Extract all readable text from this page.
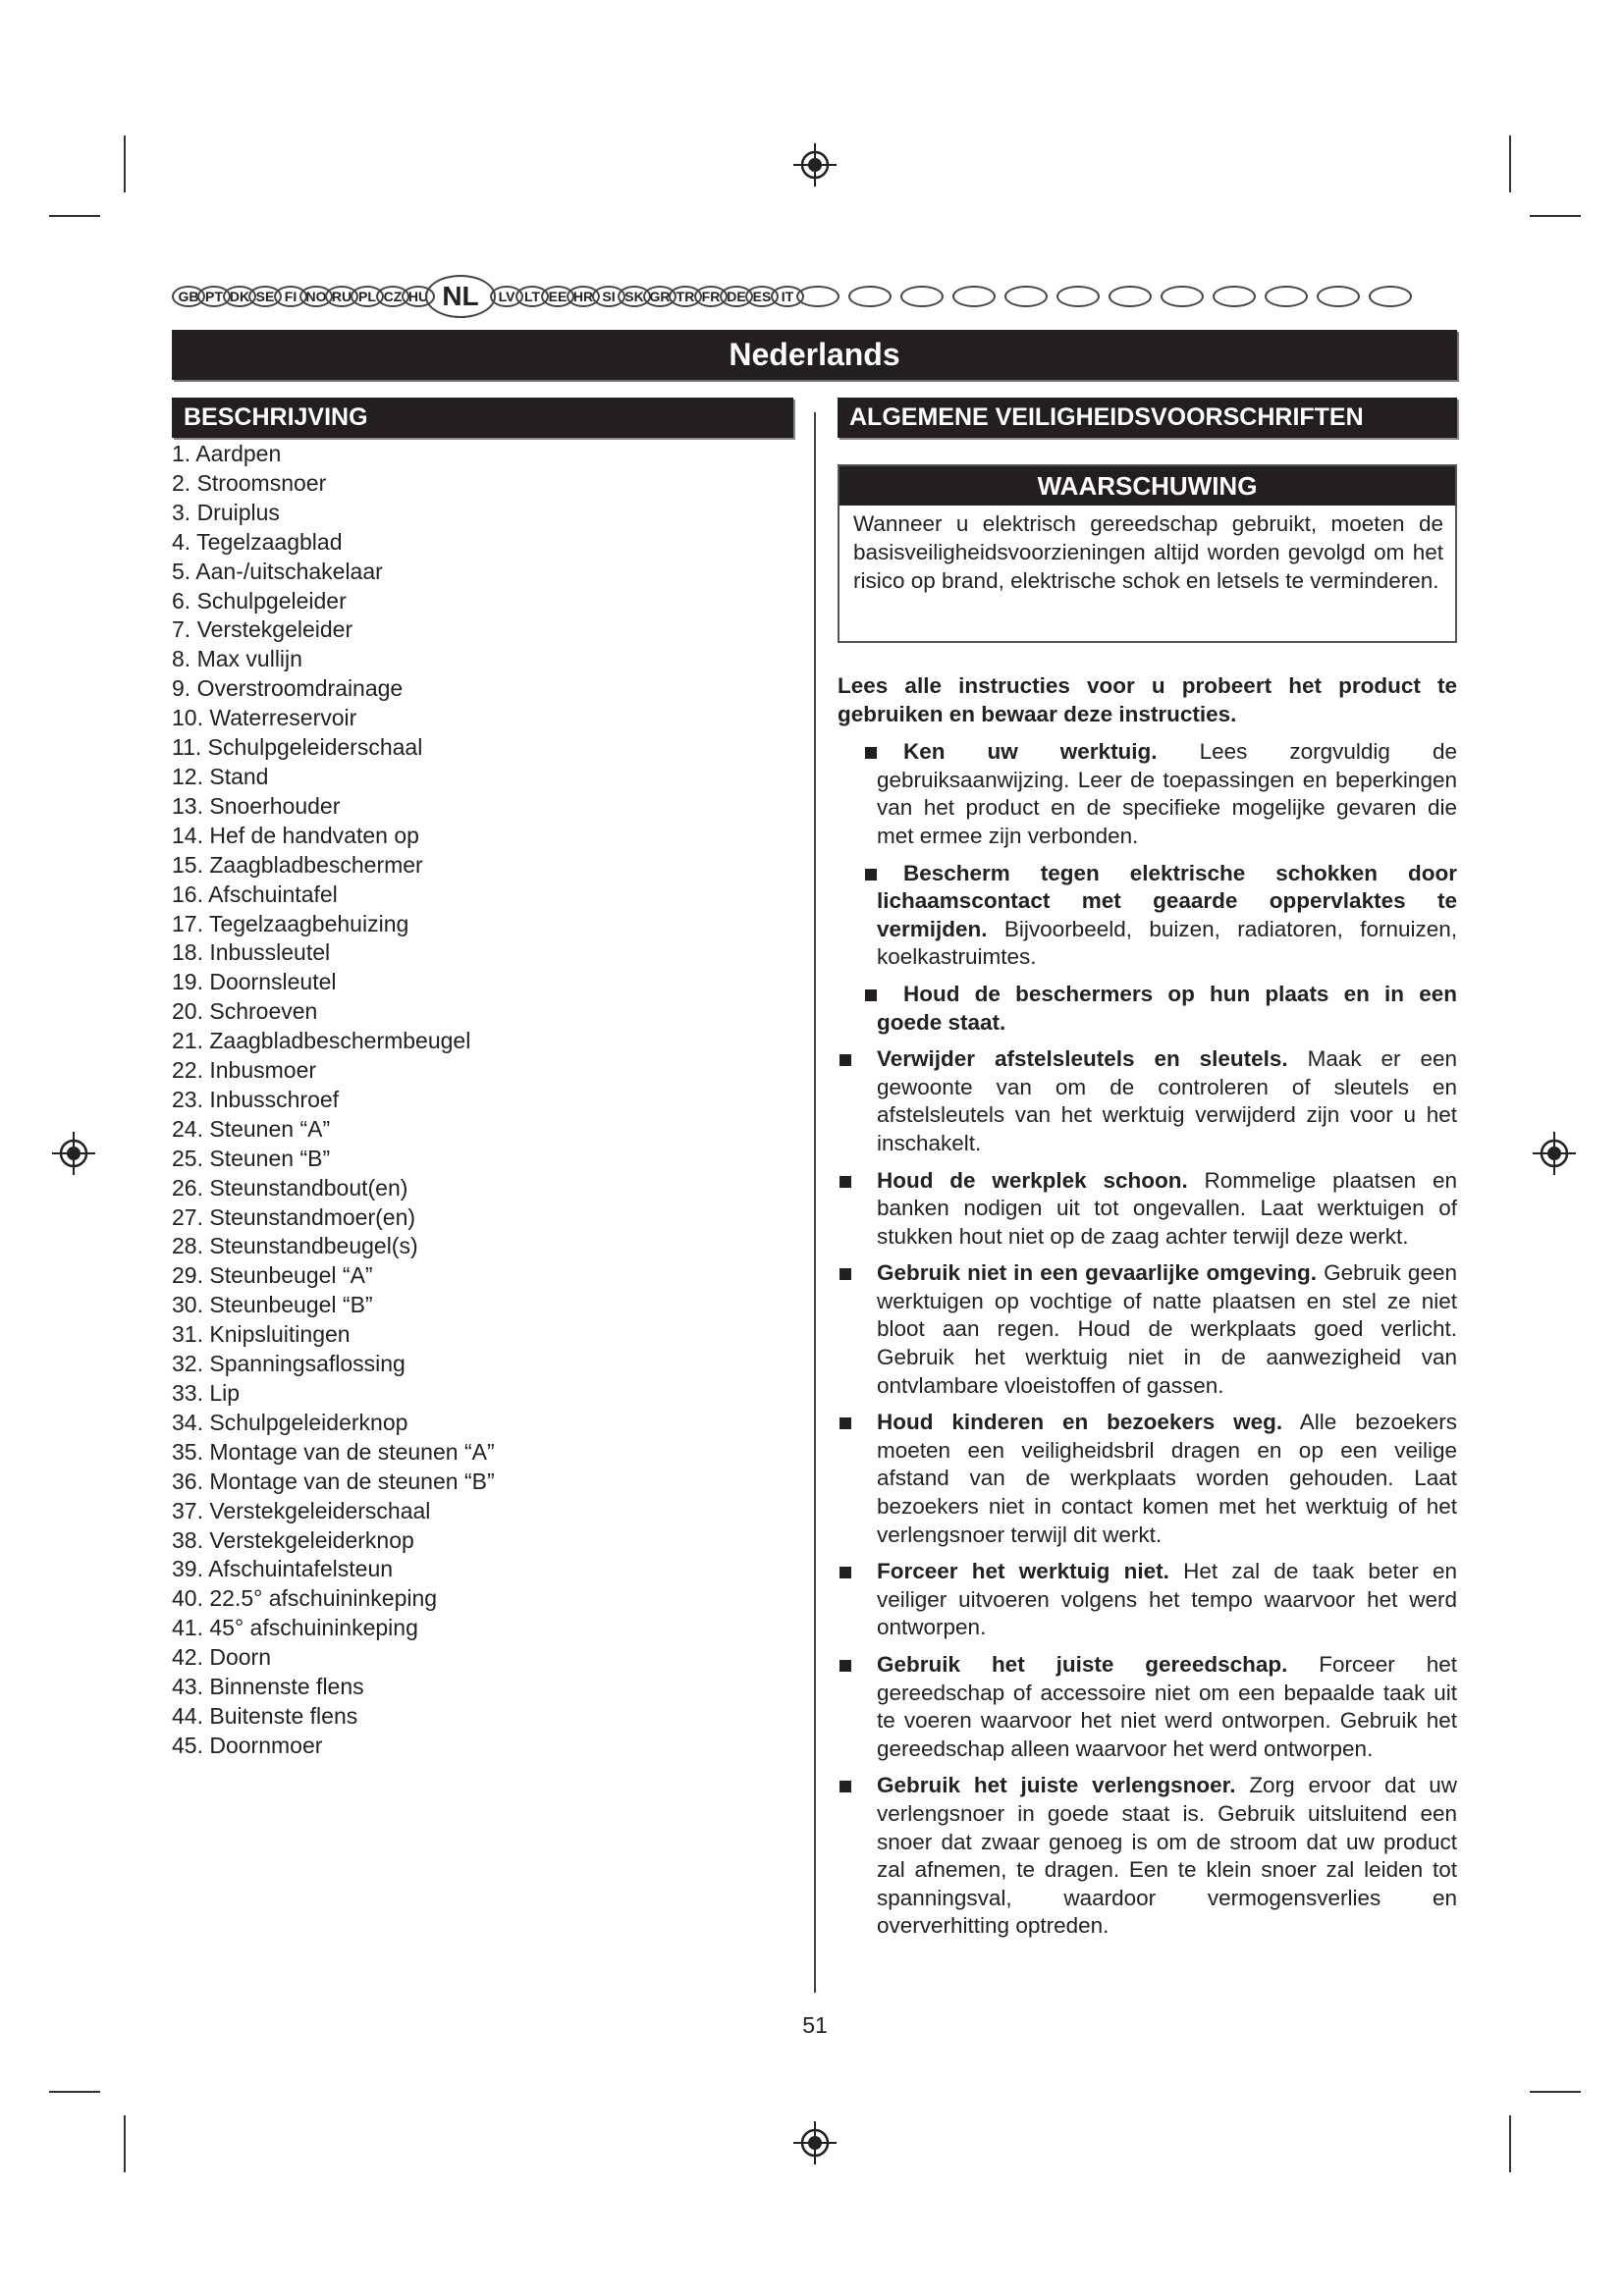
GB PT DK SE FI NO RU PL CZ HU NL	LV LT EE HR SI SK GR TR FR DE ES IT
Nederlands
BESCHRIJVING
1. Aardpen
2. Stroomsnoer
3. Druiplus
4. Tegelzaagblad
5. Aan-/uitschakelaar
6. Schulpgeleider
7. Verstekgeleider
8. Max vullijn
9. Overstroomdrainage
10. Waterreservoir
11. Schulpgeleiderschaal
12. Stand
13. Snoerhouder
14. Hef de handvaten op
15. Zaagbladbeschermer
16. Afschuintafel
17. Tegelzaagbehuizing
18. Inbussleutel
19. Doornsleutel
20. Schroeven
21. Zaagbladbeschermbeugel
22. Inbusmoer
23. Inbusschroef
24. Steunen “A”
25. Steunen “B”
26. Steunstandbout(en)
27. Steunstandmoer(en)
28. Steunstandbeugel(s)
29. Steunbeugel “A”
30. Steunbeugel “B”
31. Knipsluitingen
32. Spanningsaflossing
33. Lip
34. Schulpgeleiderknop
35. Montage van de steunen “A”
36. Montage van de steunen “B”
37. Verstekgeleiderschaal
38. Verstekgeleiderknop
39. Afschuintafelsteun
40. 22.5° afschuininkeping
41. 45° afschuininkeping
42. Doorn
43. Binnenste flens
44. Buitenste flens
45. Doornmoer
ALGEMENE VEILIGHEIDSVOORSCHRIFTEN
WAARSCHUWING
Wanneer u elektrisch gereedschap gebruikt, moeten de basisveiligheidsvoorzieningen altijd worden gevolgd om het risico op brand, elektrische schok en letsels te verminderen.
Lees alle instructies voor u probeert het product te gebruiken en bewaar deze instructies.
Ken uw werktuig. Lees zorgvuldig de gebruiksaanwijzing. Leer de toepassingen en beperkingen van het product en de specifieke mogelijke gevaren die met ermee zijn verbonden.
Bescherm tegen elektrische schokken door lichaamscontact met geaarde oppervlaktes te vermijden. Bijvoorbeeld, buizen, radiatoren, fornuizen, koelkastruimtes.
Houd de beschermers op hun plaats en in een goede staat.
Verwijder afstelsleutels en sleutels. Maak er een gewoonte van om de controleren of sleutels en afstelsleutels van het werktuig verwijderd zijn voor u het inschakelt.
Houd de werkplek schoon. Rommelige plaatsen en banken nodigen uit tot ongevallen. Laat werktuigen of stukken hout niet op de zaag achter terwijl deze werkt.
Gebruik niet in een gevaarlijke omgeving. Gebruik geen werktuigen op vochtige of natte plaatsen en stel ze niet bloot aan regen. Houd de werkplaats goed verlicht. Gebruik het werktuig niet in de aanwezigheid van ontvlambare vloeistoffen of gassen.
Houd kinderen en bezoekers weg. Alle bezoekers moeten een veiligheidsbril dragen en op een veilige afstand van de werkplaats worden gehouden. Laat bezoekers niet in contact komen met het werktuig of het verlengsnoer terwijl dit werkt.
Forceer het werktuig niet. Het zal de taak beter en veiliger uitvoeren volgens het tempo waarvoor het werd ontworpen.
Gebruik het juiste gereedschap. Forceer het gereedschap of accessoire niet om een bepaalde taak uit te voeren waarvoor het niet werd ontworpen. Gebruik het gereedschap alleen waarvoor het werd ontworpen.
Gebruik het juiste verlengsnoer. Zorg ervoor dat uw verlengsnoer in goede staat is. Gebruik uitsluitend een snoer dat zwaar genoeg is om de stroom dat uw product zal afnemen, te dragen. Een te klein snoer zal leiden tot spanningsval, waardoor vermogensverlies en oververhitting optreden.
51
